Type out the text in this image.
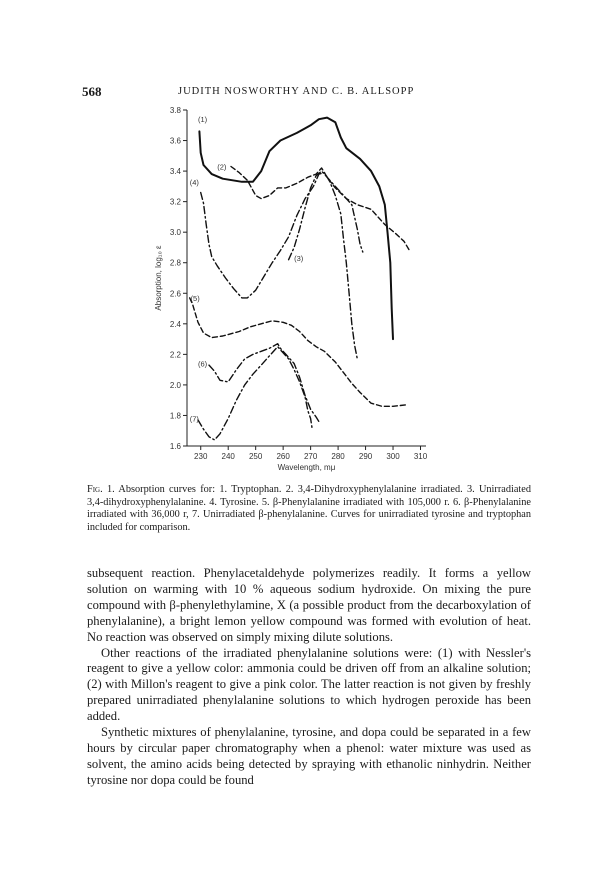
568	JUDITH NOSWORTHY AND C. B. ALLSOPP
1.6
1.8
2.0
2.2
2.4
2.6
2.8
3.0
3.2
3.4
3.6
3.8
230 240 250 260 270 280 290 300 310
Wavelength, mμ
Absorption, log₁₀ ε
(1)
(2)
(3)
(4)
(5)
(6)
(7)
Fig. 1. Absorption curves for: 1. Tryptophan. 2. 3,4-Dihydroxyphenylalanine irradiated. 3. Unirradiated 3,4-dihydroxyphenylalanine. 4. Tyrosine. 5. β-Phenylalanine irradiated with 105,000 r. 6. β-Phenylalanine irradiated with 36,000 r, 7. Unirradiated β-phenylalanine. Curves for unirradiated tyrosine and tryptophan included for comparison.

subsequent reaction. Phenylacetaldehyde polymerizes readily. It forms a yellow solution on warming with 10 % aqueous sodium hydroxide. On mixing the pure compound with β-phenylethylamine, X (a possible product from the decarboxylation of phenylalanine), a bright lemon yellow compound was formed with evolution of heat. No reaction was observed on simply mixing dilute solutions.

Other reactions of the irradiated phenylalanine solutions were: (1) with Nessler's reagent to give a yellow color: ammonia could be driven off from an alkaline solution; (2) with Millon's reagent to give a pink color. The latter reaction is not given by freshly prepared unirradiated phenylalanine solutions to which hydrogen peroxide has been added.

Synthetic mixtures of phenylalanine, tyrosine, and dopa could be separated in a few hours by circular paper chromatography when a phenol: water mixture was used as solvent, the amino acids being detected by spraying with ethanolic ninhydrin. Neither tyrosine nor dopa could be found
